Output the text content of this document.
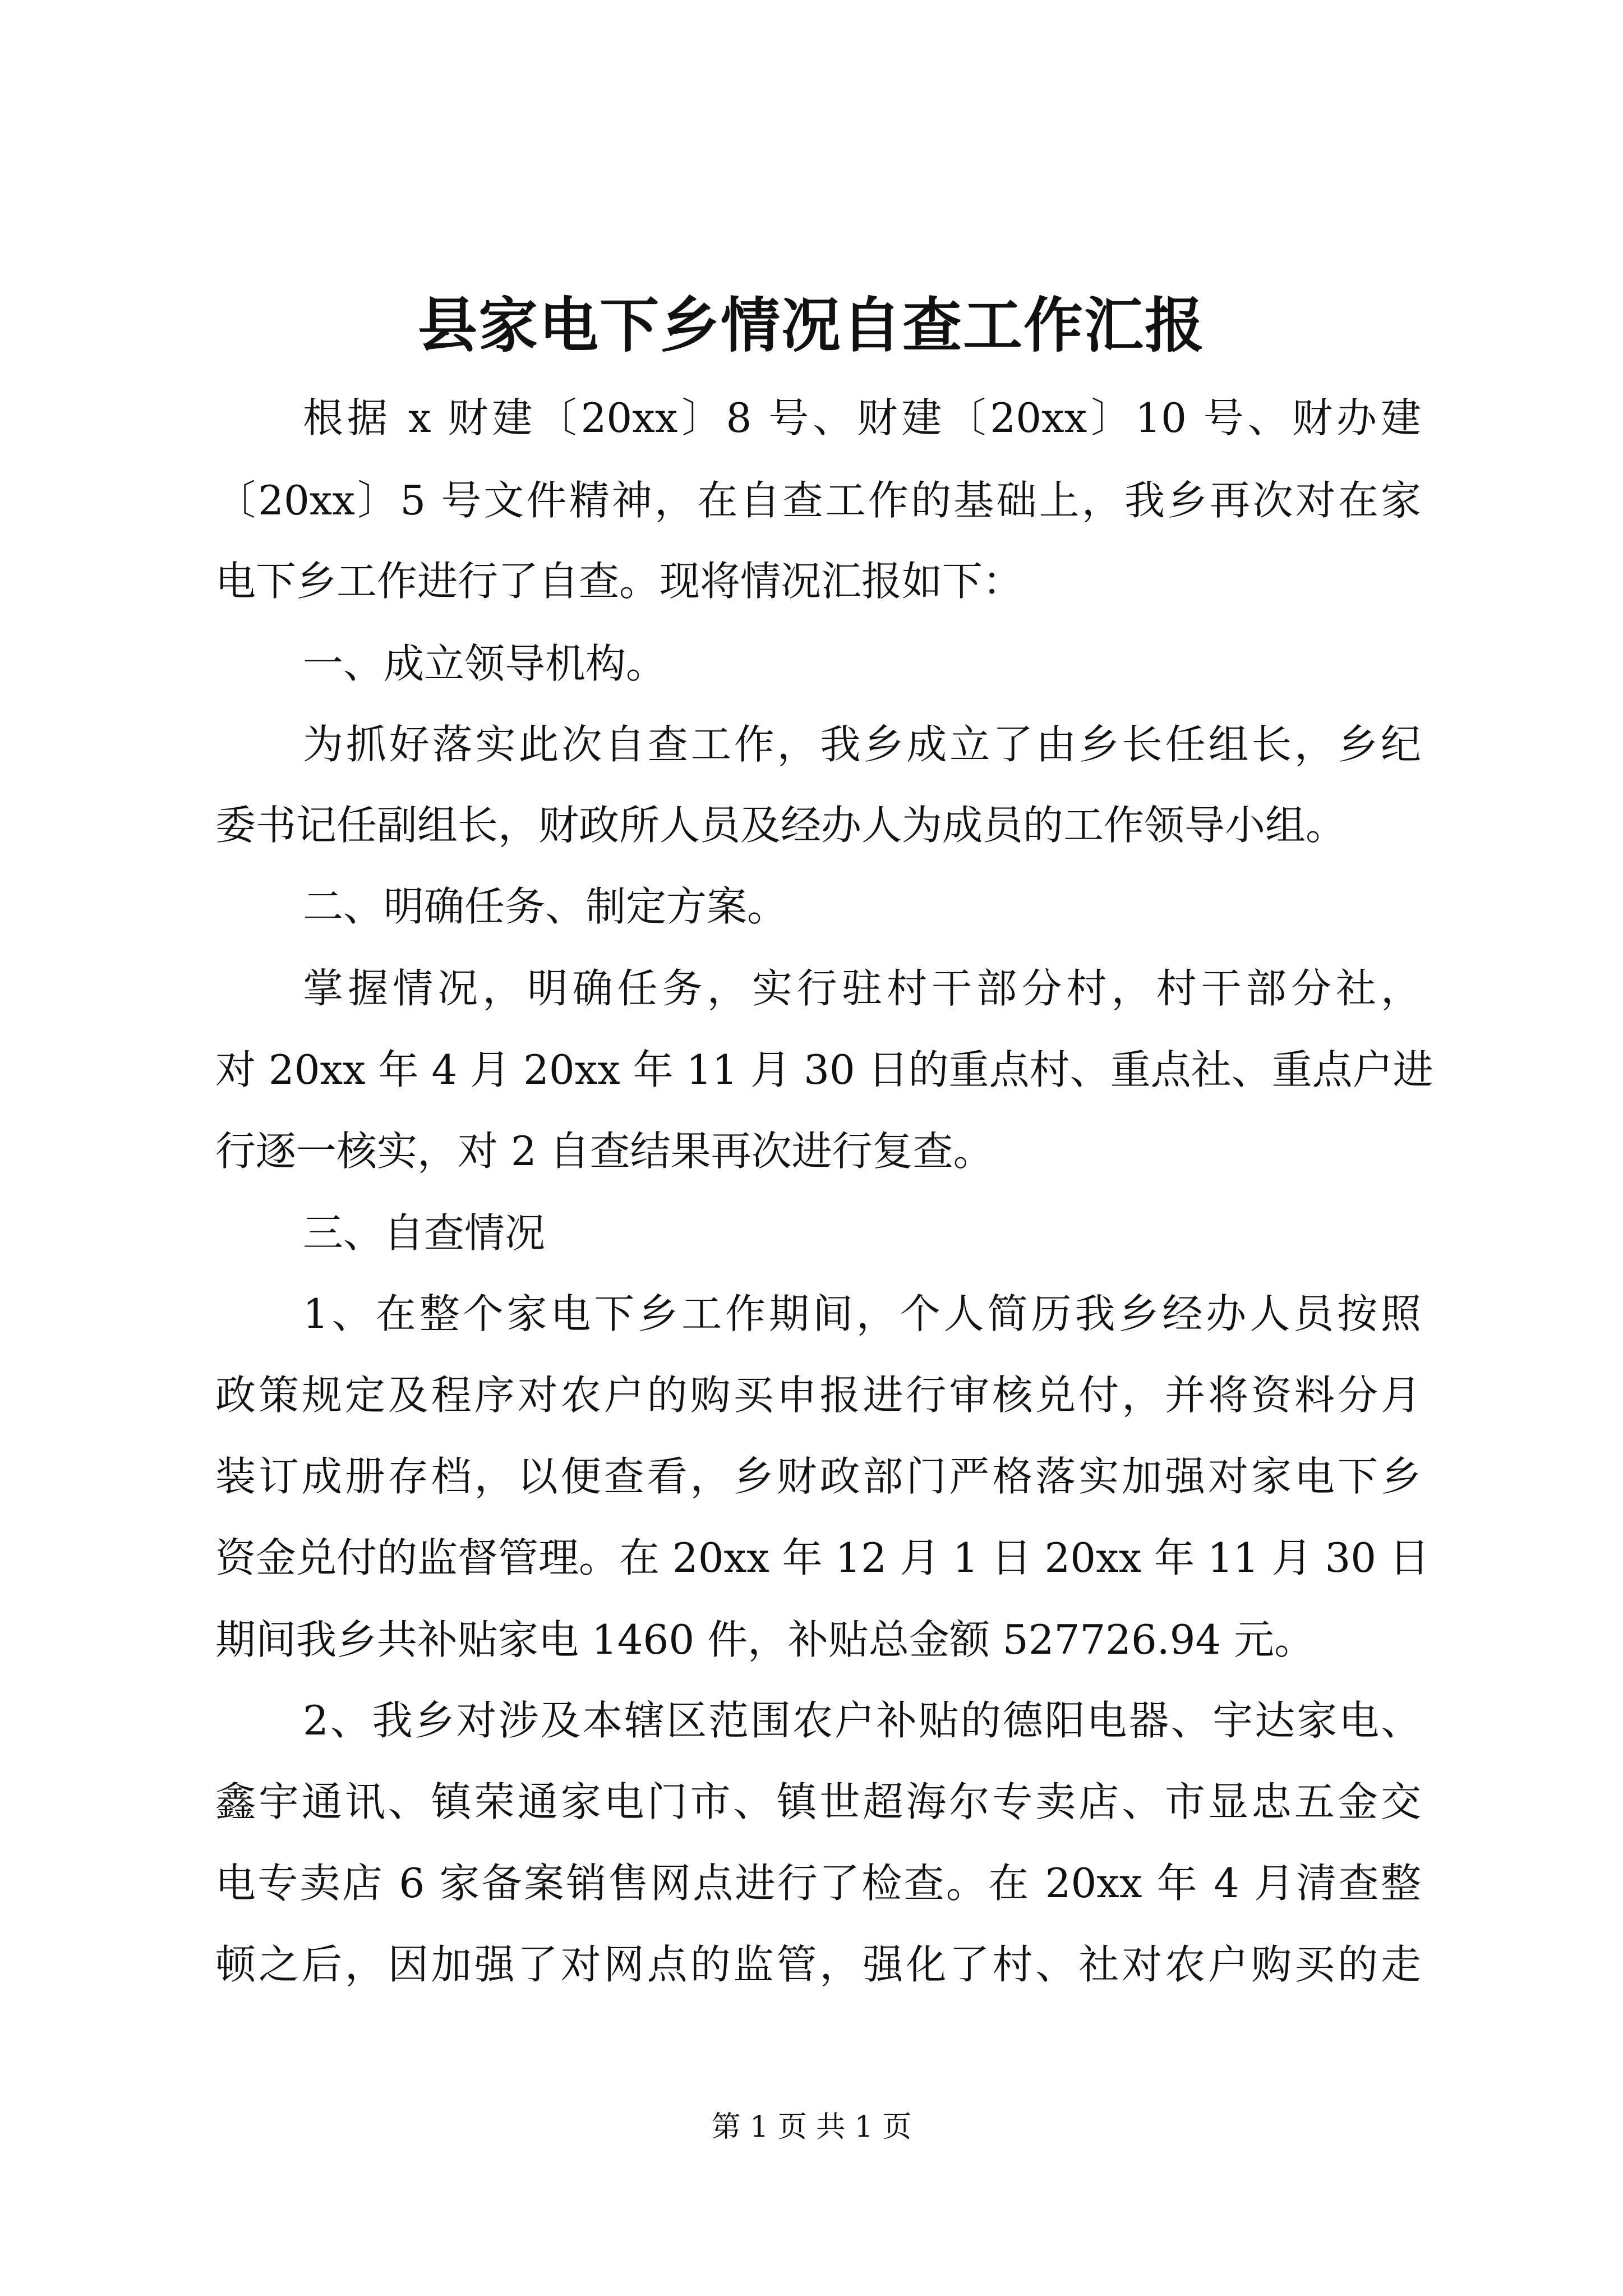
县家电下乡情况自查工作汇报
根据 x 财建〔20xx〕8 号、财建〔20xx〕10 号、财办建
〔20xx〕5 号文件精神，在自查工作的基础上，我乡再次对在家
电下乡工作进行了自查。现将情况汇报如下：
一、成立领导机构。
为抓好落实此次自查工作，我乡成立了由乡长任组长，乡纪
委书记任副组长，财政所人员及经办人为成员的工作领导小组。
二、明确任务、制定方案。
掌握情况，明确任务，实行驻村干部分村，村干部分社，
对 20xx 年 4 月 20xx 年 11 月 30 日的重点村、重点社、重点户进
行逐一核实，对 2 自查结果再次进行复查。
三、自查情况
1、在整个家电下乡工作期间，个人简历我乡经办人员按照
政策规定及程序对农户的购买申报进行审核兑付，并将资料分月
装订成册存档，以便查看，乡财政部门严格落实加强对家电下乡
资金兑付的监督管理。在 20xx 年 12 月 1 日 20xx 年 11 月 30 日
期间我乡共补贴家电 1460 件，补贴总金额 527726.94 元。
2、我乡对涉及本辖区范围农户补贴的德阳电器、宇达家电、
鑫宇通讯、镇荣通家电门市、镇世超海尔专卖店、市显忠五金交
电专卖店 6 家备案销售网点进行了检查。在 20xx 年 4 月清查整
顿之后，因加强了对网点的监管，强化了村、社对农户购买的走
第 1 页 共 1 页
